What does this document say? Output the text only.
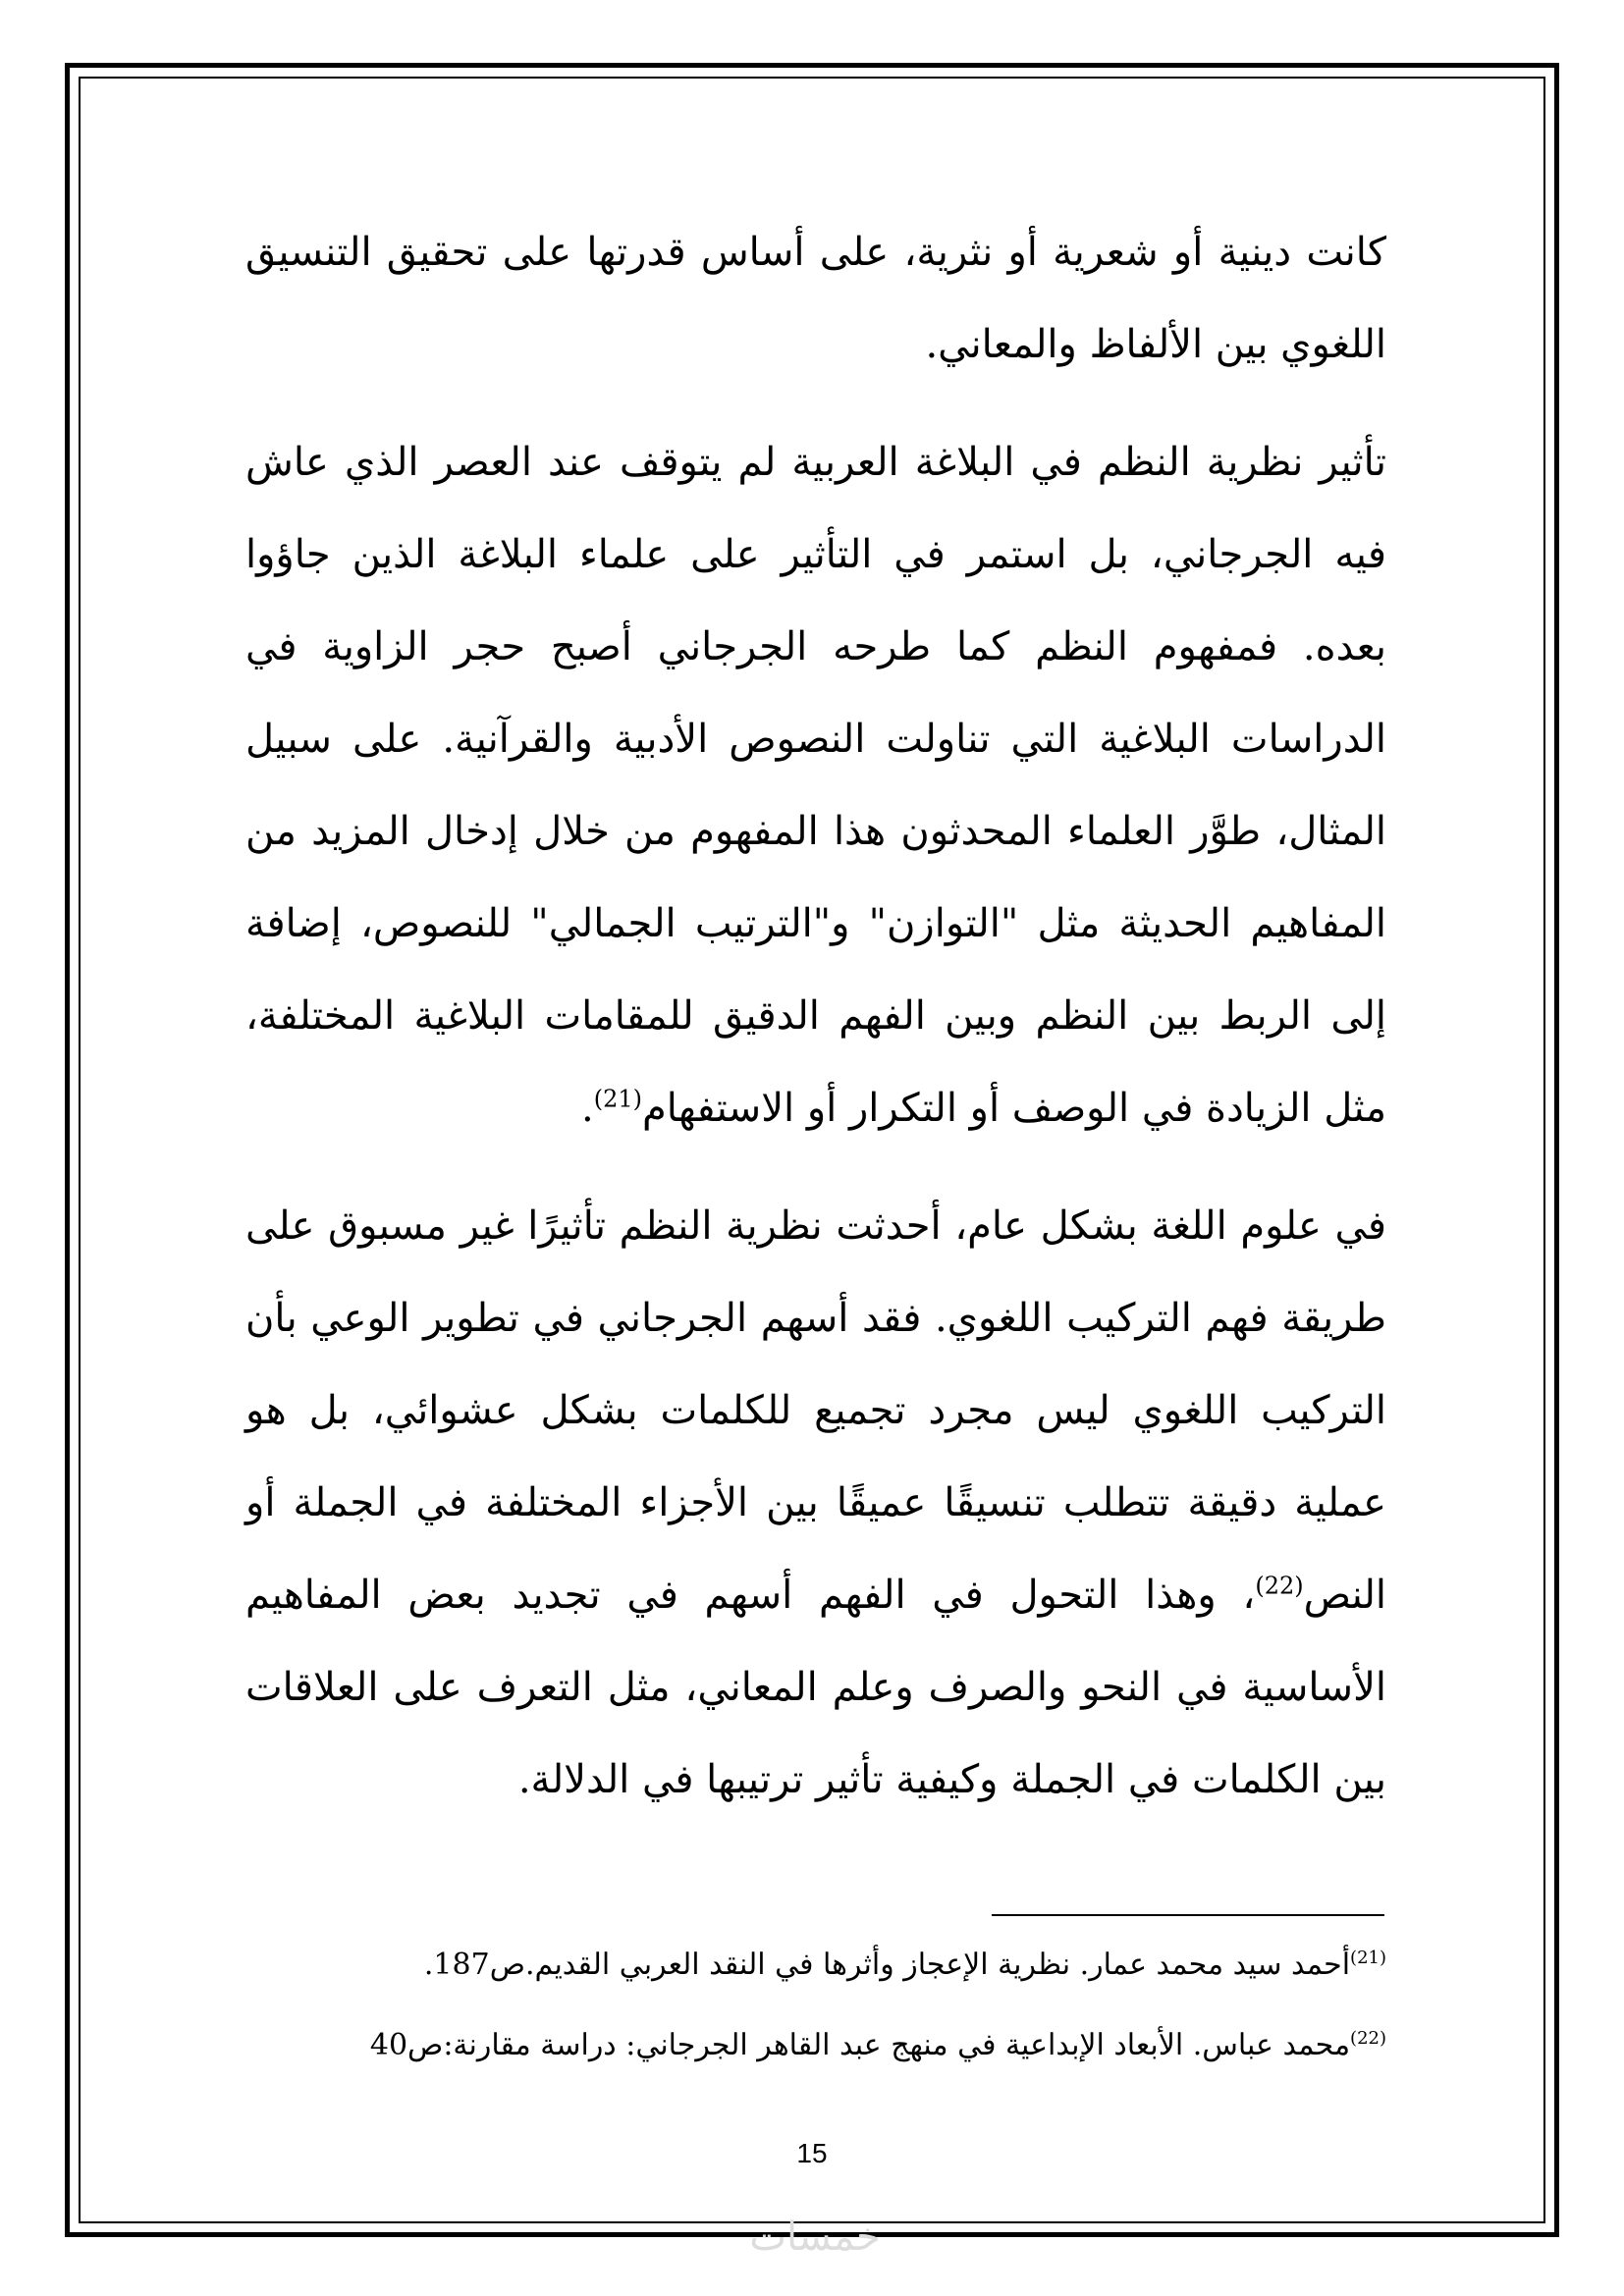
كانت دينية أو شعرية أو نثرية، على أساس قدرتها على تحقيق التنسيق اللغوي بين الألفاظ والمعاني.

تأثير نظرية النظم في البلاغة العربية لم يتوقف عند العصر الذي عاش فيه الجرجاني، بل استمر في التأثير على علماء البلاغة الذين جاؤوا بعده. فمفهوم النظم كما طرحه الجرجاني أصبح حجر الزاوية في الدراسات البلاغية التي تناولت النصوص الأدبية والقرآنية. على سبيل المثال، طوَّر العلماء المحدثون هذا المفهوم من خلال إدخال المزيد من المفاهيم الحديثة مثل "التوازن" و"الترتيب الجمالي" للنصوص، إضافة إلى الربط بين النظم وبين الفهم الدقيق للمقامات البلاغية المختلفة، مثل الزيادة في الوصف أو التكرار أو الاستفهام$^{(21)}$.

في علوم اللغة بشكل عام، أحدثت نظرية النظم تأثيرًا غير مسبوق على طريقة فهم التركيب اللغوي. فقد أسهم الجرجاني في تطوير الوعي بأن التركيب اللغوي ليس مجرد تجميع للكلمات بشكل عشوائي، بل هو عملية دقيقة تتطلب تنسيقًا عميقًا بين الأجزاء المختلفة في الجملة أو النص$^{(22)}$، وهذا التحول في الفهم أسهم في تجديد بعض المفاهيم الأساسية في النحو والصرف وعلم المعاني، مثل التعرف على العلاقات بين الكلمات في الجملة وكيفية تأثير ترتيبها في الدلالة.

$^{(21)}$أحمد سيد محمد عمار. نظرية الإعجاز وأثرها في النقد العربي القديم.ص187.
$^{(22)}$محمد عباس. الأبعاد الإبداعية في منهج عبد القاهر الجرجاني: دراسة مقارنة:ص40
15
خمسات
